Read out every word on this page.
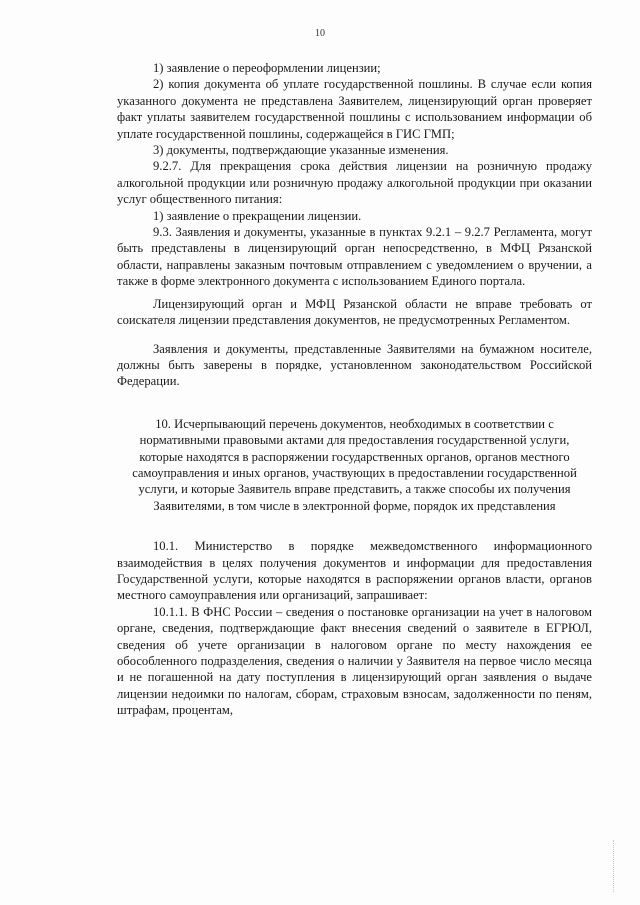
10

1) заявление о переоформлении лицензии;

2) копия документа об уплате государственной пошлины. В случае если копия указанного документа не представлена Заявителем, лицензирующий орган проверяет факт уплаты заявителем государственной пошлины с использованием информации об уплате государственной пошлины, содержащейся в ГИС ГМП;

3) документы, подтверждающие указанные изменения.

9.2.7. Для прекращения срока действия лицензии на розничную продажу алкогольной продукции или розничную продажу алкогольной продукции при оказании услуг общественного питания:

1) заявление о прекращении лицензии.

9.3. Заявления и документы, указанные в пунктах 9.2.1 – 9.2.7 Регламента, могут быть представлены в лицензирующий орган непосредственно, в МФЦ Рязанской области, направлены заказным почтовым отправлением с уведомлением о вручении, а также в форме электронного документа с использованием Единого портала.

Лицензирующий орган и МФЦ Рязанской области не вправе требовать от соискателя лицензии представления документов, не предусмотренных Регламентом.

Заявления и документы, представленные Заявителями на бумажном носителе, должны быть заверены в порядке, установленном законодательством Российской Федерации.

10. Исчерпывающий перечень документов, необходимых в соответствии с нормативными правовыми актами для предоставления государственной услуги, которые находятся в распоряжении государственных органов, органов местного самоуправления и иных органов, участвующих в предоставлении государственной услуги, и которые Заявитель вправе представить, а также способы их получения Заявителями, в том числе в электронной форме, порядок их представления

10.1. Министерство в порядке межведомственного информационного взаимодействия в целях получения документов и информации для предоставления Государственной услуги, которые находятся в распоряжении органов власти, органов местного самоуправления или организаций, запрашивает:

10.1.1. В ФНС России – сведения о постановке организации на учет в налоговом органе, сведения, подтверждающие факт внесения сведений о заявителе в ЕГРЮЛ, сведения об учете организации в налоговом органе по месту нахождения ее обособленного подразделения, сведения о наличии у Заявителя на первое число месяца и не погашенной на дату поступления в лицензирующий орган заявления о выдаче лицензии недоимки по налогам, сборам, страховым взносам, задолженности по пеням, штрафам, процентам,
